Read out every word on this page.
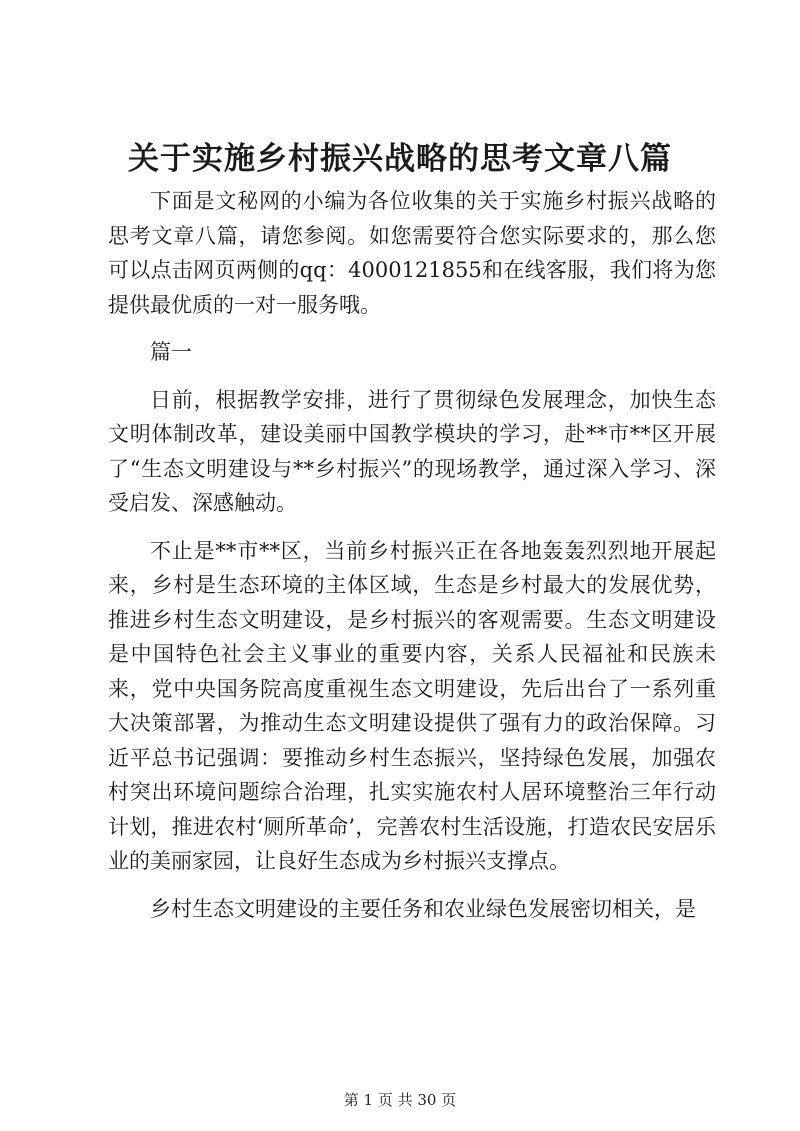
关于实施乡村振兴战略的思考文章八篇

下面是文秘网的小编为各位收集的关于实施乡村振兴战略的思考文章八篇，请您参阅。如您需要符合您实际要求的，那么您可以点击网页两侧的qq：4000121855和在线客服，我们将为您提供最优质的一对一服务哦。

篇一

日前，根据教学安排，进行了贯彻绿色发展理念，加快生态文明体制改革，建设美丽中国教学模块的学习，赴**市**区开展了“生态文明建设与**乡村振兴”的现场教学，通过深入学习、深受启发、深感触动。

不止是**市**区，当前乡村振兴正在各地轰轰烈烈地开展起来，乡村是生态环境的主体区域，生态是乡村最大的发展优势，推进乡村生态文明建设，是乡村振兴的客观需要。生态文明建设是中国特色社会主义事业的重要内容，关系人民福祉和民族未来，党中央国务院高度重视生态文明建设，先后出台了一系列重大决策部署，为推动生态文明建设提供了强有力的政治保障。习近平总书记强调：要推动乡村生态振兴，坚持绿色发展，加强农村突出环境问题综合治理，扎实实施农村人居环境整治三年行动计划，推进农村‘厕所革命’，完善农村生活设施，打造农民安居乐业的美丽家园，让良好生态成为乡村振兴支撑点。

乡村生态文明建设的主要任务和农业绿色发展密切相关，是

第 1 页 共 30 页
